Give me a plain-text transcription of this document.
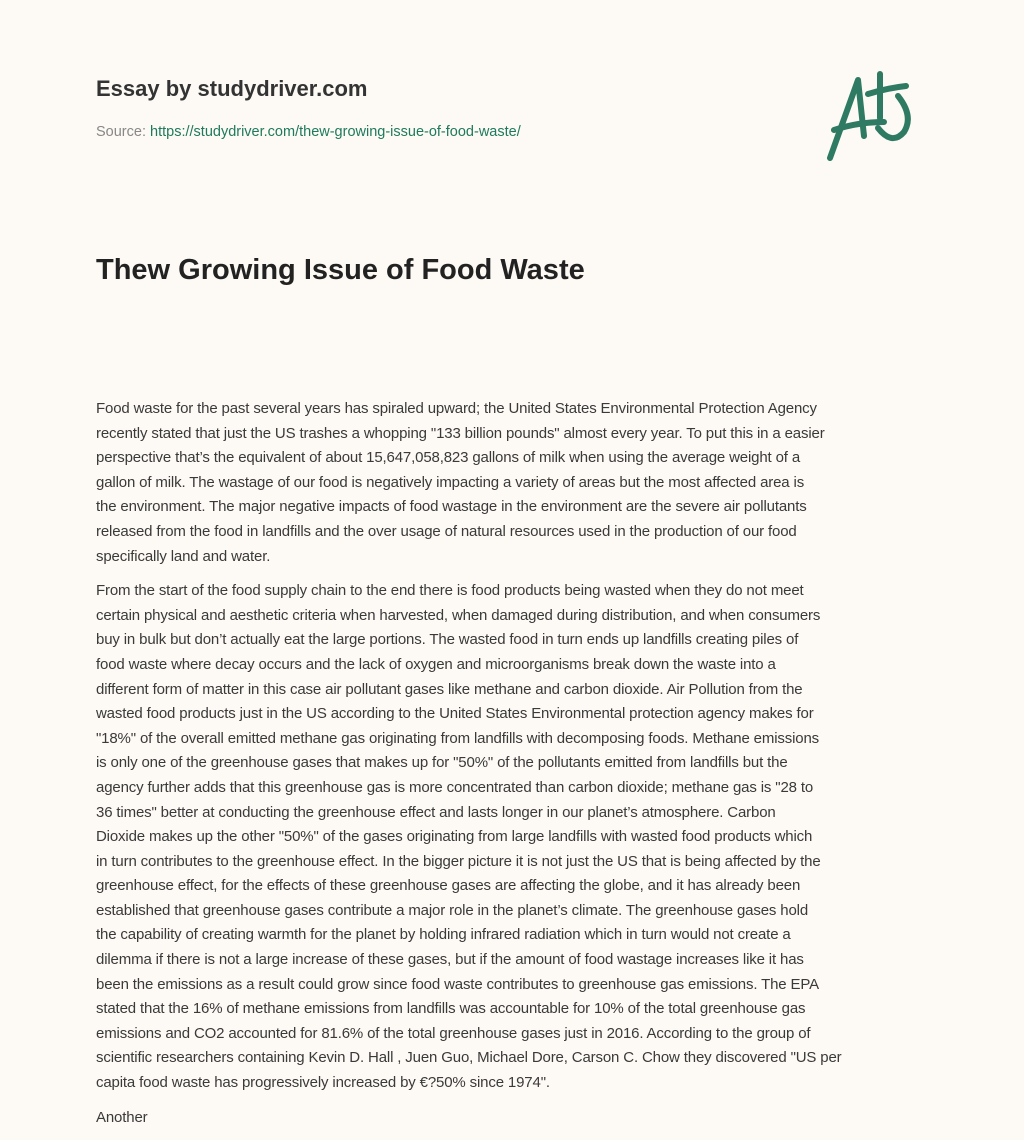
Essay by studydriver.com
Source: https://studydriver.com/thew-growing-issue-of-food-waste/
Thew Growing Issue of Food Waste
Food waste for the past several years has spiraled upward; the United States Environmental Protection Agency
recently stated that just the US trashes a whopping "133 billion pounds" almost every year. To put this in a easier
perspective that’s the equivalent of about 15,647,058,823 gallons of milk when using the average weight of a
gallon of milk. The wastage of our food is negatively impacting a variety of areas but the most affected area is
the environment. The major negative impacts of food wastage in the environment are the severe air pollutants
released from the food in landfills and the over usage of natural resources used in the production of our food
specifically land and water.
From the start of the food supply chain to the end there is food products being wasted when they do not meet
certain physical and aesthetic criteria when harvested, when damaged during distribution, and when consumers
buy in bulk but don’t actually eat the large portions. The wasted food in turn ends up landfills creating piles of
food waste where decay occurs and the lack of oxygen and microorganisms break down the waste into a
different form of matter in this case air pollutant gases like methane and carbon dioxide. Air Pollution from the
wasted food products just in the US according to the United States Environmental protection agency makes for
"18%" of the overall emitted methane gas originating from landfills with decomposing foods. Methane emissions
is only one of the greenhouse gases that makes up for "50%" of the pollutants emitted from landfills but the
agency further adds that this greenhouse gas is more concentrated than carbon dioxide; methane gas is "28 to
36 times" better at conducting the greenhouse effect and lasts longer in our planet’s atmosphere. Carbon
Dioxide makes up the other "50%" of the gases originating from large landfills with wasted food products which
in turn contributes to the greenhouse effect. In the bigger picture it is not just the US that is being affected by the
greenhouse effect, for the effects of these greenhouse gases are affecting the globe, and it has already been
established that greenhouse gases contribute a major role in the planet’s climate. The greenhouse gases hold
the capability of creating warmth for the planet by holding infrared radiation which in turn would not create a
dilemma if there is not a large increase of these gases, but if the amount of food wastage increases like it has
been the emissions as a result could grow since food waste contributes to greenhouse gas emissions. The EPA
stated that the 16% of methane emissions from landfills was accountable for 10% of the total greenhouse gas
emissions and CO2 accounted for 81.6% of the total greenhouse gases just in 2016. According to the group of
scientific researchers containing Kevin D. Hall , Juen Guo, Michael Dore, Carson C. Chow they discovered "US per
capita food waste has progressively increased by €?50% since 1974".
Another
